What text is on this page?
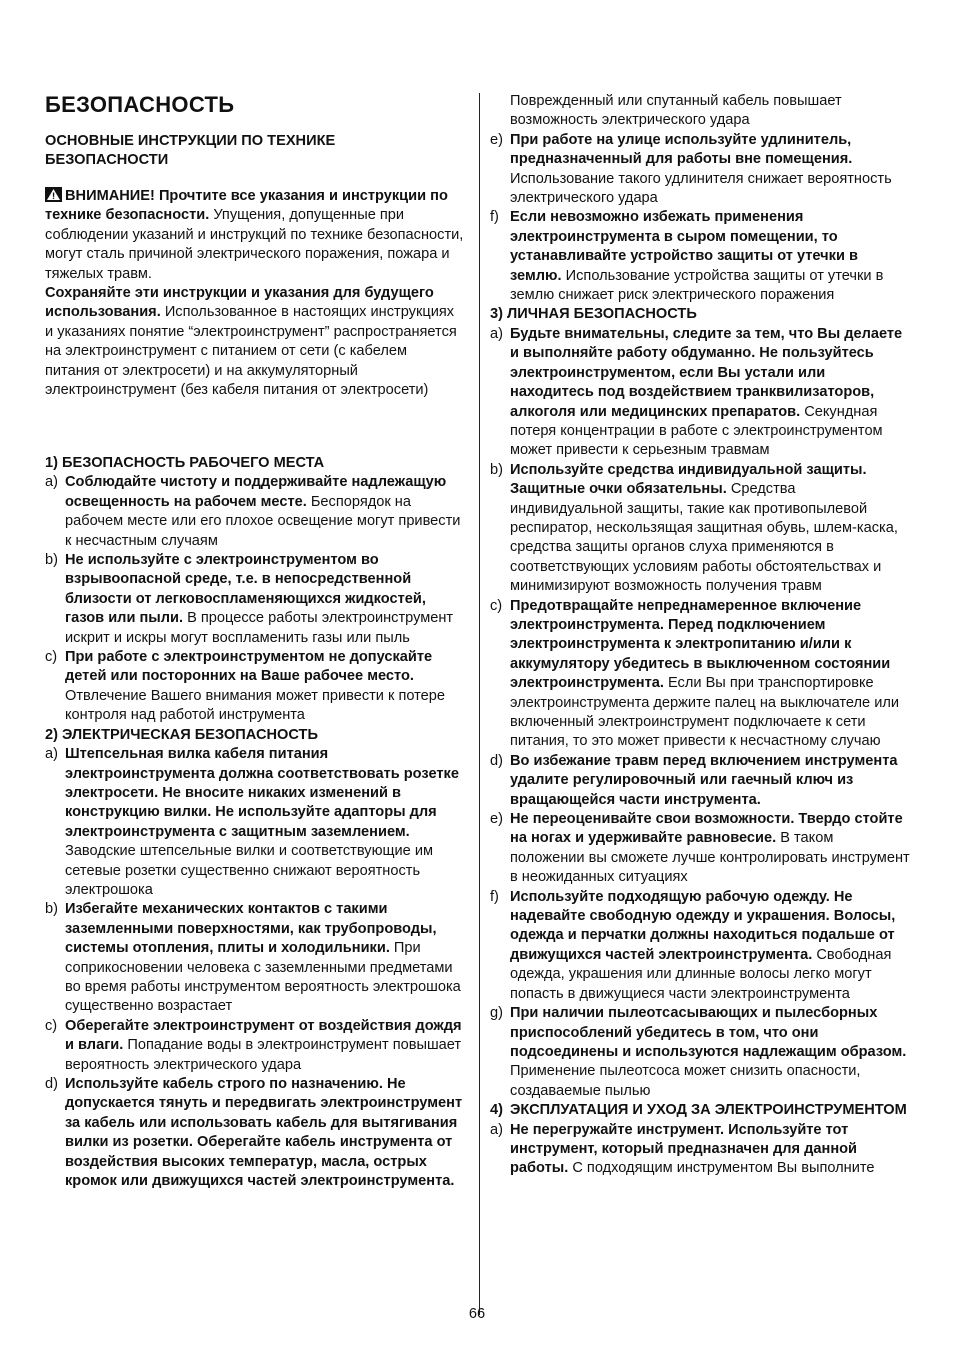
БЕЗОПАСНОСТЬ
ОСНОВНЫЕ ИНСТРУКЦИИ ПО ТЕХНИКЕ БЕЗОПАСНОСТИ
ВНИМАНИЕ! Прочтите все указания и инструкции по технике безопасности. Упущения, допущенные при соблюдении указаний и инструкций по технике безопасности, могут сталь причиной электрического поражения, пожара и тяжелых травм.
Сохраняйте эти инструкции и указания для будущего использования. Использованное в настоящих инструкциях и указаниях понятие “электроинструмент” распространяется на электроинструмент с питанием от сети (с кабелем питания от электросети) и на аккумуляторный электроинструмент (без кабеля питания от электросети)
1) БЕЗОПАСНОСТЬ РАБОЧЕГО МЕСТА
a) Соблюдайте чистоту и поддерживайте надлежащую освещенность на рабочем месте. Беспорядок на рабочем месте или его плохое освещение могут привести к несчастным случаям
b) Не используйте с электроинструментом во взрывоопасной среде, т.е. в непосредственной близости от легковоспламеняющихся жидкостей, газов или пыли. В процессе работы электроинструмент искрит и искры могут воспламенить газы или пыль
c) При работе с электроинструментом не допускайте детей или посторонних на Ваше рабочее место. Отвлечение Вашего внимания может привести к потере контроля над работой инструмента
2) ЭЛЕКТРИЧЕСКАЯ БЕЗОПАСНОСТЬ
a) Штепсельная вилка кабеля питания электроинструмента должна соответствовать розетке электросети. Не вносите никаких изменений в конструкцию вилки. Не используйте адапторы для электроинструмента с защитным заземлением. Заводские штепсельные вилки и соответствующие им сетевые розетки существенно снижают вероятность электрошока
b) Избегайте механических контактов с такими заземленными поверхностями, как трубопроводы, системы отопления, плиты и холодильники. При соприкосновении человека с заземленными предметами во время работы инструментом вероятность электрошока существенно возрастает
c) Оберегайте электроинструмент от воздействия дождя и влаги. Попадание воды в электроинструмент повышает вероятность электрического удара
d) Используйте кабель строго по назначению. Не допускается тянуть и передвигать электроинструмент за кабель или использовать кабель для вытягивания вилки из розетки. Оберегайте кабель инструмента от воздействия высоких температур, масла, острых кромок или движущихся частей электроинструмента.
Поврежденный или спутанный кабель повышает возможность электрического удара
e) При работе на улице используйте удлинитель, предназначенный для работы вне помещения. Использование такого удлинителя снижает вероятность электрического удара
f) Если невозможно избежать применения электроинструмента в сыром помещении, то устанавливайте устройство защиты от утечки в землю. Использование устройства защиты от утечки в землю снижает риск электрического поражения
3) ЛИЧНАЯ БЕЗОПАСНОСТЬ
a) Будьте внимательны, следите за тем, что Вы делаете и выполняйте работу обдуманно. Не пользуйтесь электроинструментом, если Вы устали или находитесь под воздействием транквилизаторов, алкоголя или медицинских препаратов. Секундная потеря концентрации в работе с электроинструментом может привести к серьезным травмам
b) Используйте средства индивидуальной защиты. Защитные очки обязательны. Средства индивидуальной защиты, такие как противопылевой респиратор, нескользящая защитная обувь, шлем-каска, средства защиты органов слуха применяются в соответствующих условиям работы обстоятельствах и минимизируют возможность получения травм
c) Предотвращайте непреднамеренное включение электроинструмента. Перед подключением электроинструмента к электропитанию и/или к аккумулятору убедитесь в выключенном состоянии электроинструмента. Если Вы при транспортировке электроинструмента держите палец на выключателе или включенный электроинструмент подключаете к сети питания, то это может привести к несчастному случаю
d) Во избежание травм перед включением инструмента удалите регулировочный или гаечный ключ из вращающейся части инструмента.
e) Не переоценивайте свои возможности. Твердо стойте на ногах и удерживайте равновесие. В таком положении вы сможете лучше контролировать инструмент в неожиданных ситуациях
f) Используйте подходящую рабочую одежду. Не надевайте свободную одежду и украшения. Волосы, одежда и перчатки должны находиться подальше от движущихся частей электроинструмента. Свободная одежда, украшения или длинные волосы легко могут попасть в движущиеся части электроинструмента
g) При наличии пылеотсасывающих и пылесборных приспособлений убедитесь в том, что они подсоединены и используются надлежащим образом. Применение пылеотсоса может снизить опасности, создаваемые пылью
4) ЭКСПЛУАТАЦИЯ И УХОД ЗА ЭЛЕКТРОИНСТРУМЕНТОМ
a) Не перегружайте инструмент. Используйте тот инструмент, который предназначен для данной работы. С подходящим инструментом Вы выполните
66
